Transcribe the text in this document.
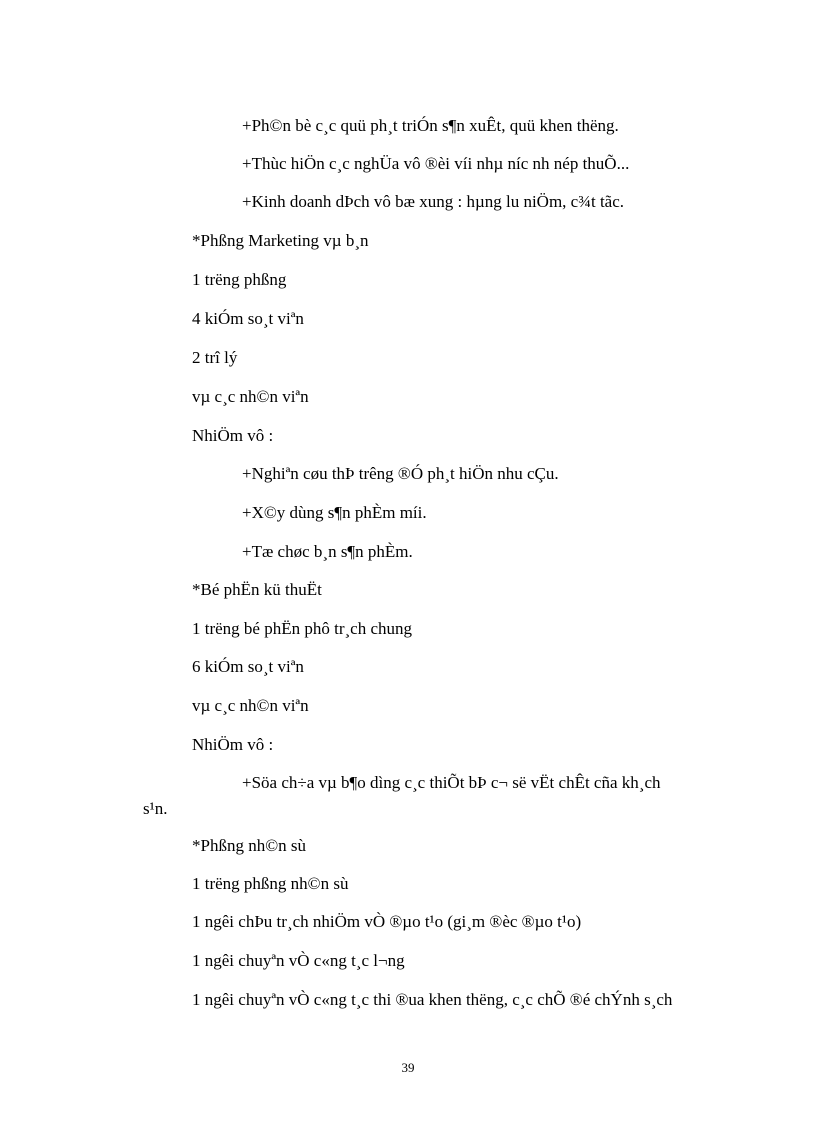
+Ph©n bè c¸c quü ph¸t triÓn s¶n xuÊt, quü khen thëng.
+Thùc hiÖn c¸c nghÜa vô ®èi víi nhµ níc nh nép thuÕ...
+Kinh doanh dÞch vô bæ xung : hµng lu niÖm, c¾t tãc.
*Phßng Marketing vµ b¸n
1 trëng phßng
4 kiÓm so¸t viªn
2 trî lý
vµ c¸c nh©n viªn
NhiÖm vô :
+Nghiªn cøu thÞ trêng ®Ó ph¸t hiÖn nhu cÇu.
+X©y dùng s¶n phÈm míi.
+Tæ chøc b¸n s¶n phÈm.
*Bé phËn kü thuËt
1 trëng bé phËn phô tr¸ch chung
6 kiÓm so¸t viªn
vµ c¸c nh©n viªn
NhiÖm vô :
+Söa ch÷a vµ b¶o dìng c¸c thiÕt bÞ c¬ së vËt chÊt cña kh¸ch
s¹n.
*Phßng nh©n sù
1 trëng phßng nh©n sù
1 ngêi chÞu tr¸ch nhiÖm vÒ ®µo t¹o (gi¸m ®èc ®µo t¹o)
1 ngêi chuyªn vÒ c«ng t¸c l¬ng
1 ngêi chuyªn vÒ c«ng t¸c thi ®ua khen thëng, c¸c chÕ ®é chÝnh s¸ch
39
